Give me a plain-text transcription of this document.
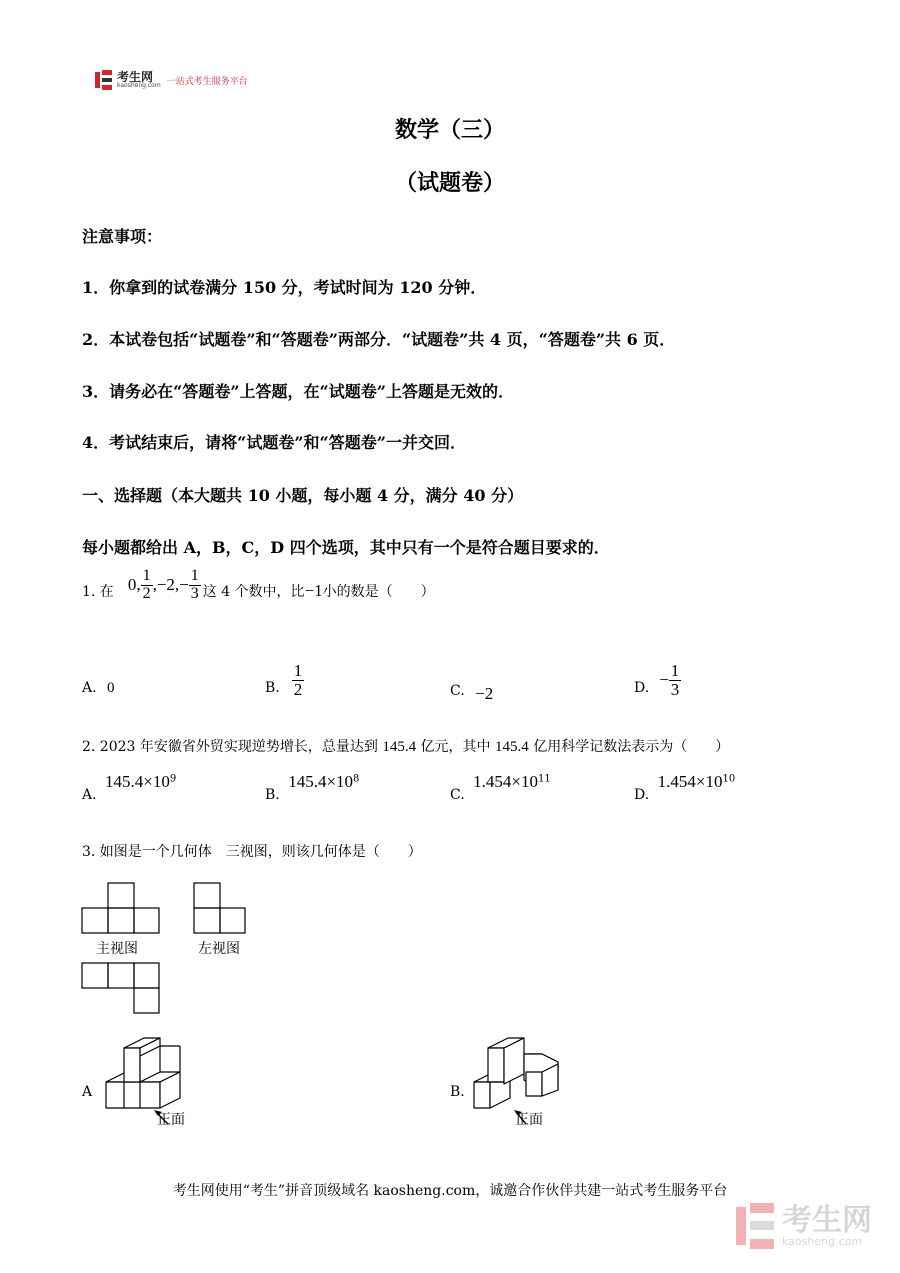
考生网
kaosheng.com 一站式考生服务平台
数学（三）
（试题卷）
注意事项：
1．你拿到的试卷满分 150 分，考试时间为 120 分钟．
2．本试卷包括“试题卷”和“答题卷”两部分．“试题卷”共 4 页，“答题卷”共 6 页．
3．请务必在“答题卷”上答题，在“试题卷”上答题是无效的．
4．考试结束后，请将“试题卷”和“答题卷”一并交回．
一、选择题（本大题共 10 小题，每小题 4 分，满分 40 分）
每小题都给出 A，B，C，D 四个选项，其中只有一个是符合题目要求的．
1. 在 0, $\frac{1}{2} ,-2,- \frac{1}{3}$ 这 4 个数中，比 −1 小的数是（　　）
A. 0	B. $\frac{1}{2}$	C. −2	D. − $\frac{1}{3}$
2. 2023 年安徽省外贸实现逆势增长，总量达到 145.4 亿元，其中 145.4 亿用科学记数法表示为（　　）
A. $145.4\times 10^9$
B. $145.4\times 10^8$
C. $1.454\times 10^{11}$
D. $1.454\times 10^{10}$
3. 如图是一个几何体　三视图，则该几何体是（　　）
主视图	左视图
A
正面
B.
正面
考生网使用“考生”拼音顶级域名 kaosheng.com，诚邀合作伙伴共建一站式考生服务平台
考生网
kaosheng.com
